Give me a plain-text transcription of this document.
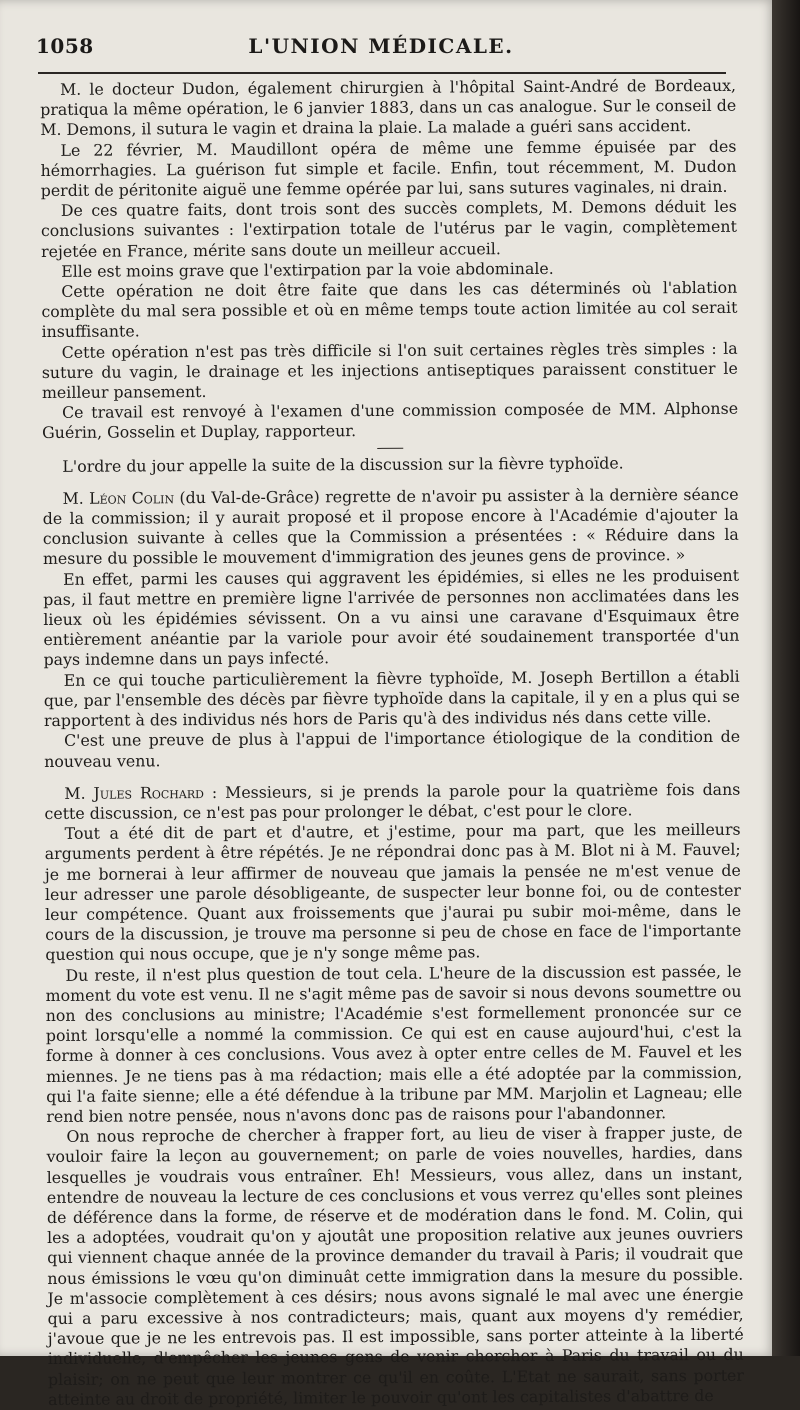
1058	L'UNION MÉDICALE.

M. le docteur Dudon, également chirurgien à l'hôpital Saint-André de Bordeaux, pratiqua la même opération, le 6 janvier 1883, dans un cas analogue. Sur le conseil de M. Demons, il sutura le vagin et draina la plaie. La malade a guéri sans accident.

Le 22 février, M. Maudillont opéra de même une femme épuisée par des hémorrhagies. La guérison fut simple et facile. Enfin, tout récemment, M. Dudon perdit de péritonite aiguë une femme opérée par lui, sans sutures vaginales, ni drain.

De ces quatre faits, dont trois sont des succès complets, M. Demons déduit les conclusions suivantes : l'extirpation totale de l'utérus par le vagin, complètement rejetée en France, mérite sans doute un meilleur accueil.

Elle est moins grave que l'extirpation par la voie abdominale.

Cette opération ne doit être faite que dans les cas déterminés où l'ablation complète du mal sera possible et où en même temps toute action limitée au col serait insuffisante.

Cette opération n'est pas très difficile si l'on suit certaines règles très simples : la suture du vagin, le drainage et les injections antiseptiques paraissent constituer le meilleur pansement.

Ce travail est renvoyé à l'examen d'une commission composée de MM. Alphonse Guérin, Gosselin et Duplay, rapporteur.

L'ordre du jour appelle la suite de la discussion sur la fièvre typhoïde.

M. Léon Colin (du Val-de-Grâce) regrette de n'avoir pu assister à la dernière séance de la commission; il y aurait proposé et il propose encore à l'Académie d'ajouter la conclusion suivante à celles que la Commission a présentées : « Réduire dans la mesure du possible le mouvement d'immigration des jeunes gens de province. »

En effet, parmi les causes qui aggravent les épidémies, si elles ne les produisent pas, il faut mettre en première ligne l'arrivée de personnes non acclimatées dans les lieux où les épidémies sévissent. On a vu ainsi une caravane d'Esquimaux être entièrement anéantie par la variole pour avoir été soudainement transportée d'un pays indemne dans un pays infecté.

En ce qui touche particulièrement la fièvre typhoïde, M. Joseph Bertillon a établi que, par l'ensemble des décès par fièvre typhoïde dans la capitale, il y en a plus qui se rapportent à des individus nés hors de Paris qu'à des individus nés dans cette ville.

C'est une preuve de plus à l'appui de l'importance étiologique de la condition de nouveau venu.

M. Jules Rochard : Messieurs, si je prends la parole pour la quatrième fois dans cette discussion, ce n'est pas pour prolonger le débat, c'est pour le clore.

Tout a été dit de part et d'autre, et j'estime, pour ma part, que les meilleurs arguments perdent à être répétés. Je ne répondrai donc pas à M. Blot ni à M. Fauvel; je me bornerai à leur affirmer de nouveau que jamais la pensée ne m'est venue de leur adresser une parole désobligeante, de suspecter leur bonne foi, ou de contester leur compétence. Quant aux froissements que j'aurai pu subir moi-même, dans le cours de la discussion, je trouve ma personne si peu de chose en face de l'importante question qui nous occupe, que je n'y songe même pas.

Du reste, il n'est plus question de tout cela. L'heure de la discussion est passée, le moment du vote est venu. Il ne s'agit même pas de savoir si nous devons soumettre ou non des conclusions au ministre; l'Académie s'est formellement prononcée sur ce point lorsqu'elle a nommé la commission. Ce qui est en cause aujourd'hui, c'est la forme à donner à ces conclusions. Vous avez à opter entre celles de M. Fauvel et les miennes. Je ne tiens pas à ma rédaction; mais elle a été adoptée par la commission, qui l'a faite sienne; elle a été défendue à la tribune par MM. Marjolin et Lagneau; elle rend bien notre pensée, nous n'avons donc pas de raisons pour l'abandonner.

On nous reproche de chercher à frapper fort, au lieu de viser à frapper juste, de vouloir faire la leçon au gouvernement; on parle de voies nouvelles, hardies, dans lesquelles je voudrais vous entraîner. Eh! Messieurs, vous allez, dans un instant, entendre de nouveau la lecture de ces conclusions et vous verrez qu'elles sont pleines de déférence dans la forme, de réserve et de modération dans le fond. M. Colin, qui les a adoptées, voudrait qu'on y ajoutât une proposition relative aux jeunes ouvriers qui viennent chaque année de la province demander du travail à Paris; il voudrait que nous émissions le vœu qu'on diminuât cette immigration dans la mesure du possible. Je m'associe complètement à ces désirs; nous avons signalé le mal avec une énergie qui a paru excessive à nos contradicteurs; mais, quant aux moyens d'y remédier, j'avoue que je ne les entrevois pas. Il est impossible, sans porter atteinte à la liberté individuelle, d'empêcher les jeunes gens de venir chercher à Paris du travail ou du plaisir; on ne peut que leur montrer ce qu'il en coûte. L'Etat ne saurait, sans porter atteinte au droit de propriété, limiter le pouvoir qu'ont les capitalistes d'abattre de
